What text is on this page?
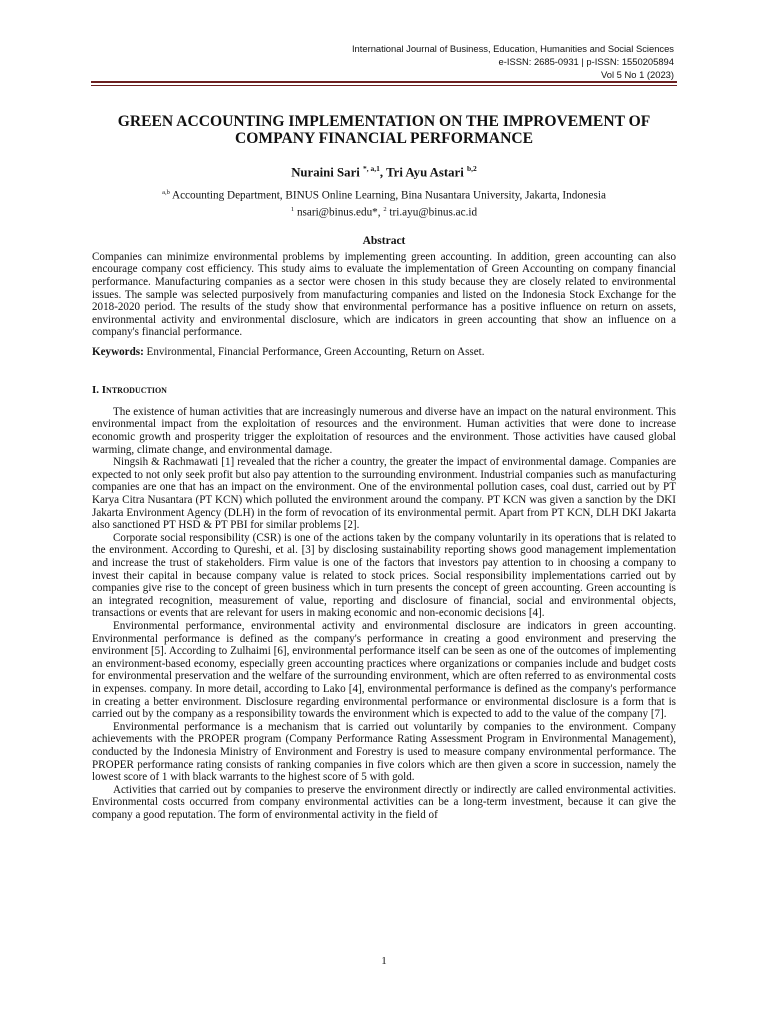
International Journal of Business, Education, Humanities and Social Sciences
e-ISSN: 2685-0931 | p-ISSN: 1550205894
Vol 5 No 1 (2023)
GREEN ACCOUNTING IMPLEMENTATION ON THE IMPROVEMENT OF COMPANY FINANCIAL PERFORMANCE
Nuraini Sari $^{*, a,1}$, Tri Ayu Astari $^{b,2}$
$^{a,b}$ Accounting Department, BINUS Online Learning, Bina Nusantara University, Jakarta, Indonesia
$^1$ nsari@binus.edu*, $^2$ tri.ayu@binus.ac.id
Abstract

Companies can minimize environmental problems by implementing green accounting. In addition, green accounting can also encourage company cost efficiency. This study aims to evaluate the implementation of Green Accounting on company financial performance. Manufacturing companies as a sector were chosen in this study because they are closely related to environmental issues. The sample was selected purposively from manufacturing companies and listed on the Indonesia Stock Exchange for the 2018-2020 period. The results of the study show that environmental performance has a positive influence on return on assets, environmental activity and environmental disclosure, which are indicators in green accounting that show an influence on a company's financial performance.

Keywords: Environmental, Financial Performance, Green Accounting, Return on Asset.

I. Introduction

The existence of human activities that are increasingly numerous and diverse have an impact on the natural environment. This environmental impact from the exploitation of resources and the environment. Human activities that were done to increase economic growth and prosperity trigger the exploitation of resources and the environment. Those activities have caused global warming, climate change, and environmental damage.

Ningsih & Rachmawati [1] revealed that the richer a country, the greater the impact of environmental damage. Companies are expected to not only seek profit but also pay attention to the surrounding environment. Industrial companies such as manufacturing companies are one that has an impact on the environment. One of the environmental pollution cases, coal dust, carried out by PT Karya Citra Nusantara (PT KCN) which polluted the environment around the company. PT KCN was given a sanction by the DKI Jakarta Environment Agency (DLH) in the form of revocation of its environmental permit. Apart from PT KCN, DLH DKI Jakarta also sanctioned PT HSD & PT PBI for similar problems [2].

Corporate social responsibility (CSR) is one of the actions taken by the company voluntarily in its operations that is related to the environment. According to Qureshi, et al. [3] by disclosing sustainability reporting shows good management implementation and increase the trust of stakeholders. Firm value is one of the factors that investors pay attention to in choosing a company to invest their capital in because company value is related to stock prices. Social responsibility implementations carried out by companies give rise to the concept of green business which in turn presents the concept of green accounting. Green accounting is an integrated recognition, measurement of value, reporting and disclosure of financial, social and environmental objects, transactions or events that are relevant for users in making economic and non-economic decisions [4].

Environmental performance, environmental activity and environmental disclosure are indicators in green accounting. Environmental performance is defined as the company's performance in creating a good environment and preserving the environment [5]. According to Zulhaimi [6], environmental performance itself can be seen as one of the outcomes of implementing an environment-based economy, especially green accounting practices where organizations or companies include and budget costs for environmental preservation and the welfare of the surrounding environment, which are often referred to as environmental costs in expenses. company. In more detail, according to Lako [4], environmental performance is defined as the company's performance in creating a better environment. Disclosure regarding environmental performance or environmental disclosure is a form that is carried out by the company as a responsibility towards the environment which is expected to add to the value of the company [7].

Environmental performance is a mechanism that is carried out voluntarily by companies to the environment. Company achievements with the PROPER program (Company Performance Rating Assessment Program in Environmental Management), conducted by the Indonesia Ministry of Environment and Forestry is used to measure company environmental performance. The PROPER performance rating consists of ranking companies in five colors which are then given a score in succession, namely the lowest score of 1 with black warrants to the highest score of 5 with gold.

Activities that carried out by companies to preserve the environment directly or indirectly are called environmental activities. Environmental costs occurred from company environmental activities can be a long-term investment, because it can give the company a good reputation. The form of environmental activity in the field of

1
